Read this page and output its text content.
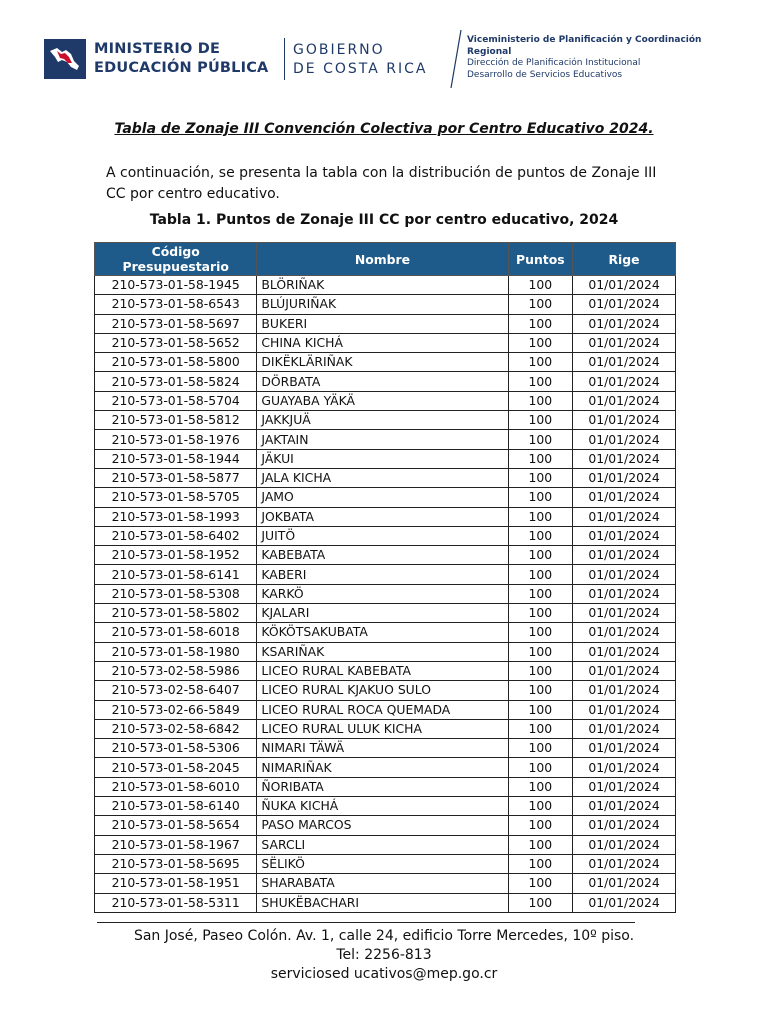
MINISTERIO DE
EDUCACIÓN PÚBLICA
GOBIERNO
DE COSTA RICA
Viceministerio de Planificación y Coordinación
Regional
Dirección de Planificación Institucional
Desarrollo de Servicios Educativos
Tabla de Zonaje III Convención Colectiva por Centro Educativo 2024.
A continuación, se presenta la tabla con la distribución de puntos de Zonaje III CC por centro educativo.
Tabla 1. Puntos de Zonaje III CC por centro educativo, 2024
Código
Presupuestario	Nombre	Puntos	Rige
210-573-01-58-1945	BLÖRIÑAK	100	01/01/2024
210-573-01-58-6543	BLÚJURIÑAK	100	01/01/2024
210-573-01-58-5697	BUKERI	100	01/01/2024
210-573-01-58-5652	CHINA KICHÁ	100	01/01/2024
210-573-01-58-5800	DIKËKLÄRIÑAK	100	01/01/2024
210-573-01-58-5824	DÖRBATA	100	01/01/2024
210-573-01-58-5704	GUAYABA YÄKÄ	100	01/01/2024
210-573-01-58-5812	JAKKJUÄ	100	01/01/2024
210-573-01-58-1976	JAKTAIN	100	01/01/2024
210-573-01-58-1944	JÄKUI	100	01/01/2024
210-573-01-58-5877	JALA KICHA	100	01/01/2024
210-573-01-58-5705	JAMO	100	01/01/2024
210-573-01-58-1993	JOKBATA	100	01/01/2024
210-573-01-58-6402	JUITÖ	100	01/01/2024
210-573-01-58-1952	KABEBATA	100	01/01/2024
210-573-01-58-6141	KABERI	100	01/01/2024
210-573-01-58-5308	KARKÖ	100	01/01/2024
210-573-01-58-5802	KJALARI	100	01/01/2024
210-573-01-58-6018	KÖKÖTSAKUBATA	100	01/01/2024
210-573-01-58-1980	KSARIÑAK	100	01/01/2024
210-573-02-58-5986	LICEO RURAL KABEBATA	100	01/01/2024
210-573-02-58-6407	LICEO RURAL KJAKUO SULO	100	01/01/2024
210-573-02-66-5849	LICEO RURAL ROCA QUEMADA	100	01/01/2024
210-573-02-58-6842	LICEO RURAL ULUK KICHA	100	01/01/2024
210-573-01-58-5306	NIMARI TÄWÄ	100	01/01/2024
210-573-01-58-2045	NIMARIÑAK	100	01/01/2024
210-573-01-58-6010	ÑORIBATA	100	01/01/2024
210-573-01-58-6140	ÑUKA KICHÁ	100	01/01/2024
210-573-01-58-5654	PASO MARCOS	100	01/01/2024
210-573-01-58-1967	SARCLI	100	01/01/2024
210-573-01-58-5695	SËLIKÖ	100	01/01/2024
210-573-01-58-1951	SHARABATA	100	01/01/2024
210-573-01-58-5311	SHUKËBACHARI	100	01/01/2024
San José, Paseo Colón. Av. 1, calle 24, edificio Torre Mercedes, 10º piso.
Tel: 2256-813
serviciosed ucativos@mep.go.cr
